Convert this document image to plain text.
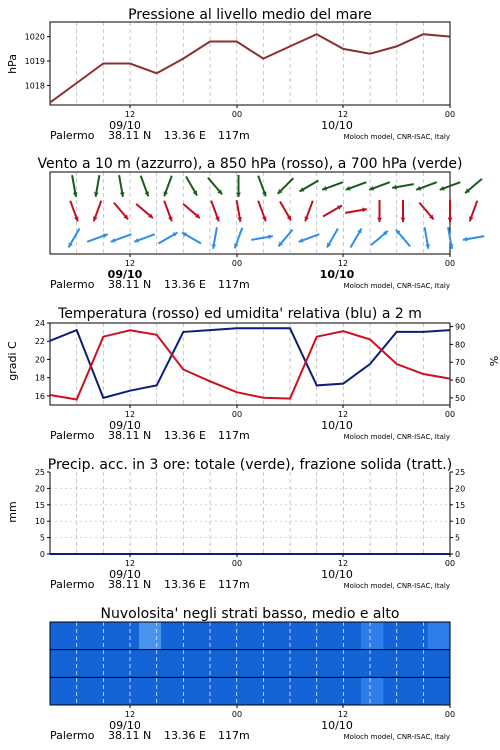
Pressione al livello medio del mare
Vento a 10 m (azzurro), a 850 hPa (rosso), a 700 hPa (verde)
Temperatura (rosso) ed umidita' relativa (blu) a 2 m
Precip. acc. in 3 ore: totale (verde), frazione solida (tratt.)
Nuvolosita' negli strati basso, medio e alto
hPa
gradi C	%
mm
1018
1019
1020
12	00	12	00
09/10	10/10
Palermo 38.11 N 13.36 E 117m	Moloch model, CNR-ISAC, Italy
12	00	12	00
09/10	10/10
Palermo 38.11 N 13.36 E 117m	Moloch model, CNR-ISAC, Italy
16
18
20
22
24
50
60
70
80
90
12	00	12	00
09/10	10/10
Palermo 38.11 N 13.36 E 117m	Moloch model, CNR-ISAC, Italy
0	0
5	5
10	10
15	15
20	20
25	25
12	00	12	00
09/10	10/10
Palermo 38.11 N 13.36 E 117m	Moloch model, CNR-ISAC, Italy
12	00	12	00
09/10	10/10
Palermo 38.11 N 13.36 E 117m	Moloch model, CNR-ISAC, Italy
